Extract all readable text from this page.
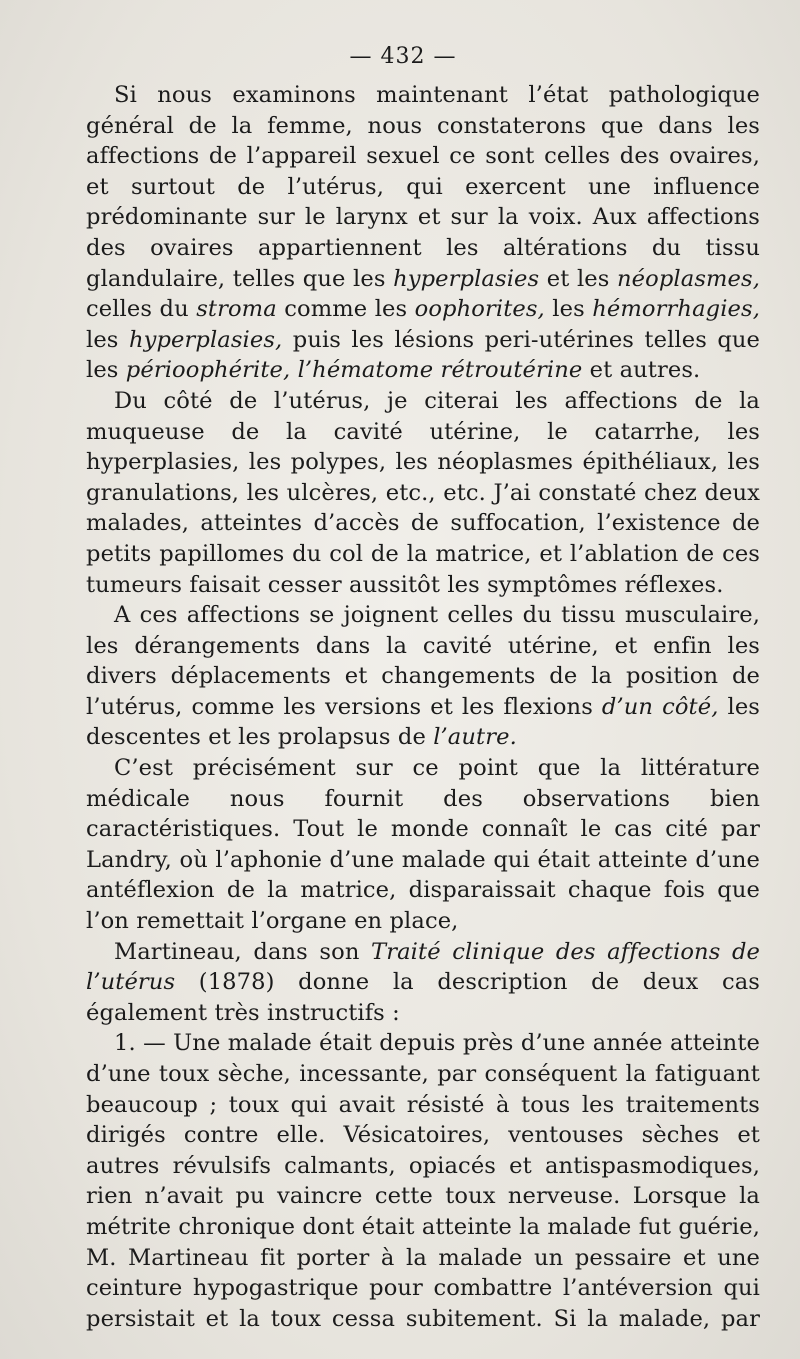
— 432 —

Si nous examinons maintenant l’état pathologique général de la femme, nous constaterons que dans les affections de l’appareil sexuel ce sont celles des ovaires, et surtout de l’utérus, qui exercent une influence prédominante sur le larynx et sur la voix. Aux affections des ovaires appartiennent les altérations du tissu glandulaire, telles que les hyperplasies et les néoplasmes, celles du stroma comme les oophorites, les hémorrhagies, les hyperplasies, puis les lésions peri-utérines telles que les périoophérite, l’hématome rétroutérine et autres.

Du côté de l’utérus, je citerai les affections de la muqueuse de la cavité utérine, le catarrhe, les hyperplasies, les polypes, les néoplasmes épithéliaux, les granulations, les ulcères, etc., etc. J’ai constaté chez deux malades, atteintes d’accès de suffocation, l’existence de petits papillomes du col de la matrice, et l’ablation de ces tumeurs faisait cesser aussitôt les symptômes réflexes.

A ces affections se joignent celles du tissu musculaire, les dérangements dans la cavité utérine, et enfin les divers déplacements et changements de la position de l’utérus, comme les versions et les flexions d’un côté, les descentes et les prolapsus de l’autre.

C’est précisément sur ce point que la littérature médicale nous fournit des observations bien caractéristiques. Tout le monde connaît le cas cité par Landry, où l’aphonie d’une malade qui était atteinte d’une antéflexion de la matrice, disparaissait chaque fois que l’on remettait l’organe en place,

Martineau, dans son Traité clinique des affections de l’utérus (1878) donne la description de deux cas également très instructifs :

1. — Une malade était depuis près d’une année atteinte d’une toux sèche, incessante, par conséquent la fatiguant beaucoup ; toux qui avait résisté à tous les traitements dirigés contre elle. Vésicatoires, ventouses sèches et autres révulsifs calmants, opiacés et antispasmodiques, rien n’avait pu vaincre cette toux nerveuse. Lorsque la métrite chronique dont était atteinte la malade fut guérie, M. Martineau fit porter à la malade un pessaire et une ceinture hypogastrique pour combattre l’antéversion qui persistait et la toux cessa subitement. Si la malade, par
